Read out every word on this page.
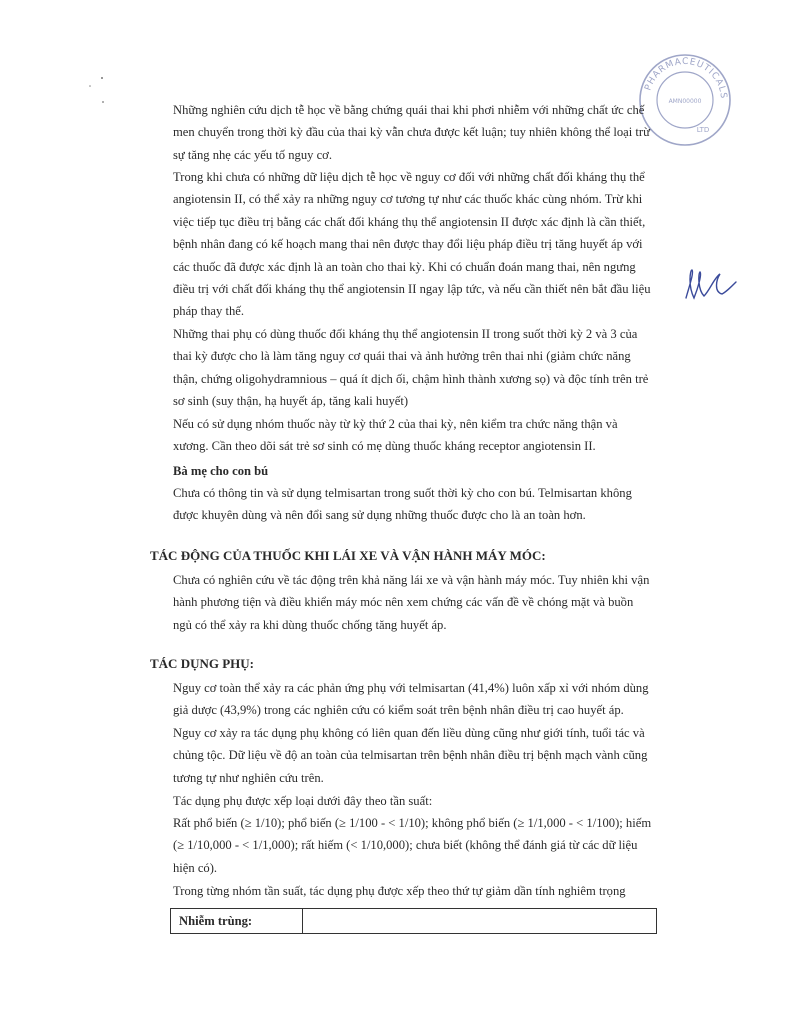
PHARMACEUTICALS
AMN00000
LTD

Những nghiên cứu dịch tễ học về bằng chứng quái thai khi phơi nhiễm với những chất ức chế
men chuyển trong thời kỳ đầu của thai kỳ vẫn chưa được kết luận; tuy nhiên không thể loại trừ
sự tăng nhẹ các yếu tố nguy cơ.

Trong khi chưa có những dữ liệu dịch tễ học về nguy cơ đối với những chất đối kháng thụ thể
angiotensin II, có thể xảy ra những nguy cơ tương tự như các thuốc khác cùng nhóm. Trừ khi
việc tiếp tục điều trị bằng các chất đối kháng thụ thể angiotensin II được xác định là cần thiết,
bệnh nhân đang có kế hoạch mang thai nên được thay đổi liệu pháp điều trị tăng huyết áp với
các thuốc đã được xác định là an toàn cho thai kỳ. Khi có chuẩn đoán mang thai, nên ngưng
điều trị với chất đối kháng thụ thể angiotensin II ngay lập tức, và nếu cần thiết nên bắt đầu liệu
pháp thay thế.

Những thai phụ có dùng thuốc đối kháng thụ thể angiotensin II trong suốt thời kỳ 2 và 3 của
thai kỳ được cho là làm tăng nguy cơ quái thai và ảnh hưởng trên thai nhi (giảm chức năng
thận, chứng oligohydramnious – quá ít dịch ối, chậm hình thành xương sọ) và độc tính trên trẻ
sơ sinh (suy thận, hạ huyết áp, tăng kali huyết)

Nếu có sử dụng nhóm thuốc này từ kỳ thứ 2 của thai kỳ, nên kiểm tra chức năng thận và
xương. Cần theo dõi sát trẻ sơ sinh có mẹ dùng thuốc kháng receptor angiotensin II.

Bà mẹ cho con bú

Chưa có thông tin và sử dụng telmisartan trong suốt thời kỳ cho con bú. Telmisartan không
được khuyên dùng và nên đổi sang sử dụng những thuốc được cho là an toàn hơn.

TÁC ĐỘNG CỦA THUỐC KHI LÁI XE VÀ VẬN HÀNH MÁY MÓC:

Chưa có nghiên cứu về tác động trên khả năng lái xe và vận hành máy móc. Tuy nhiên khi vận
hành phương tiện và điều khiển máy móc nên xem chứng các vấn đề về chóng mặt và buồn
ngủ có thể xảy ra khi dùng thuốc chống tăng huyết áp.

TÁC DỤNG PHỤ:

Nguy cơ toàn thể xảy ra các phản ứng phụ với telmisartan (41,4%) luôn xấp xỉ với nhóm dùng
giả dược (43,9%) trong các nghiên cứu có kiểm soát trên bệnh nhân điều trị cao huyết áp.
Nguy cơ xảy ra tác dụng phụ không có liên quan đến liều dùng cũng như giới tính, tuổi tác và
chủng tộc. Dữ liệu về độ an toàn của telmisartan trên bệnh nhân điều trị bệnh mạch vành cũng
tương tự như nghiên cứu trên.

Tác dụng phụ được xếp loại dưới đây theo tần suất:

Rất phổ biến (≥ 1/10); phổ biến (≥ 1/100 - < 1/10); không phổ biến (≥ 1/1,000 - < 1/100); hiếm
(≥ 1/10,000 - < 1/1,000); rất hiếm (< 1/10,000); chưa biết (không thể đánh giá từ các dữ liệu
hiện có).

Trong từng nhóm tần suất, tác dụng phụ được xếp theo thứ tự giảm dần tính nghiêm trọng

Nhiễm trùng:	
